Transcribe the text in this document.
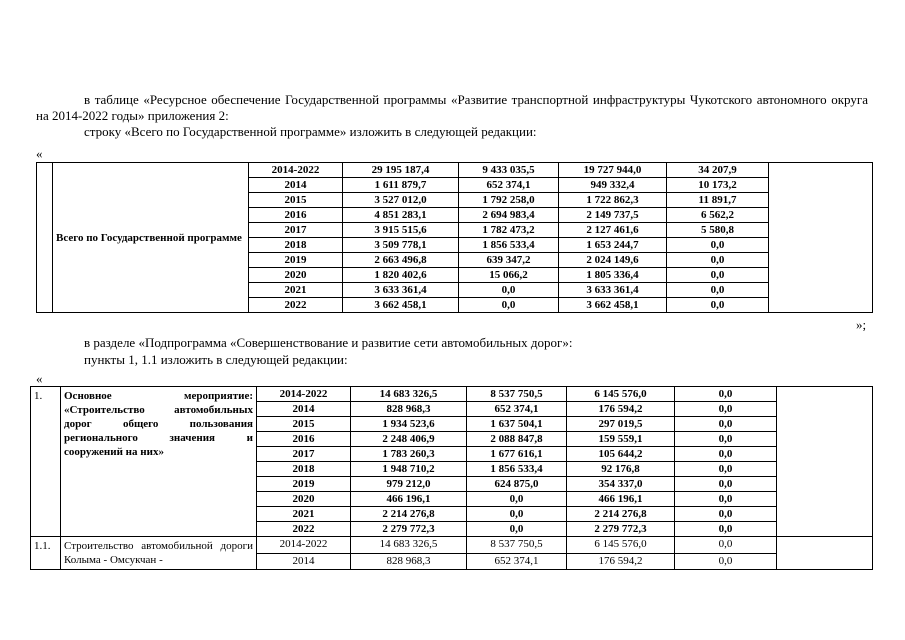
в таблице «Ресурсное обеспечение Государственной программы «Развитие транспортной инфраструктуры Чукотского автономного округа на 2014-2022 годы» приложения 2:
строку «Всего по Государственной программе» изложить в следующей редакции:
«
	Всего по Государственной программе	2014-2022	29 195 187,4	9 433 035,5	19 727 944,0	34 207,9	
		2014	1 611 879,7	652 374,1	949 332,4	10 173,2	
		2015	3 527 012,0	1 792 258,0	1 722 862,3	11 891,7	
		2016	4 851 283,1	2 694 983,4	2 149 737,5	6 562,2	
		2017	3 915 515,6	1 782 473,2	2 127 461,6	5 580,8	
		2018	3 509 778,1	1 856 533,4	1 653 244,7	0,0	
		2019	2 663 496,8	639 347,2	2 024 149,6	0,0	
		2020	1 820 402,6	15 066,2	1 805 336,4	0,0	
		2021	3 633 361,4	0,0	3 633 361,4	0,0	
		2022	3 662 458,1	0,0	3 662 458,1	0,0	
»;
в разделе «Подпрограмма «Совершенствование и развитие сети автомобильных дорог»:
пункты 1, 1.1 изложить в следующей редакции:
«
1.	Основное мероприятие: «Строительство автомобильных дорог общего пользования регионального значения и сооружений на них»	2014-2022	14 683 326,5	8 537 750,5	6 145 576,0	0,0	
		2014	828 968,3	652 374,1	176 594,2	0,0	
		2015	1 934 523,6	1 637 504,1	297 019,5	0,0	
		2016	2 248 406,9	2 088 847,8	159 559,1	0,0	
		2017	1 783 260,3	1 677 616,1	105 644,2	0,0	
		2018	1 948 710,2	1 856 533,4	92 176,8	0,0	
		2019	979 212,0	624 875,0	354 337,0	0,0	
		2020	466 196,1	0,0	466 196,1	0,0	
		2021	2 214 276,8	0,0	2 214 276,8	0,0	
		2022	2 279 772,3	0,0	2 279 772,3	0,0	
1.1.	Строительство автомобильной дороги Колыма - Омсукчан -	2014-2022	14 683 326,5	8 537 750,5	6 145 576,0	0,0	
		2014	828 968,3	652 374,1	176 594,2	0,0	
